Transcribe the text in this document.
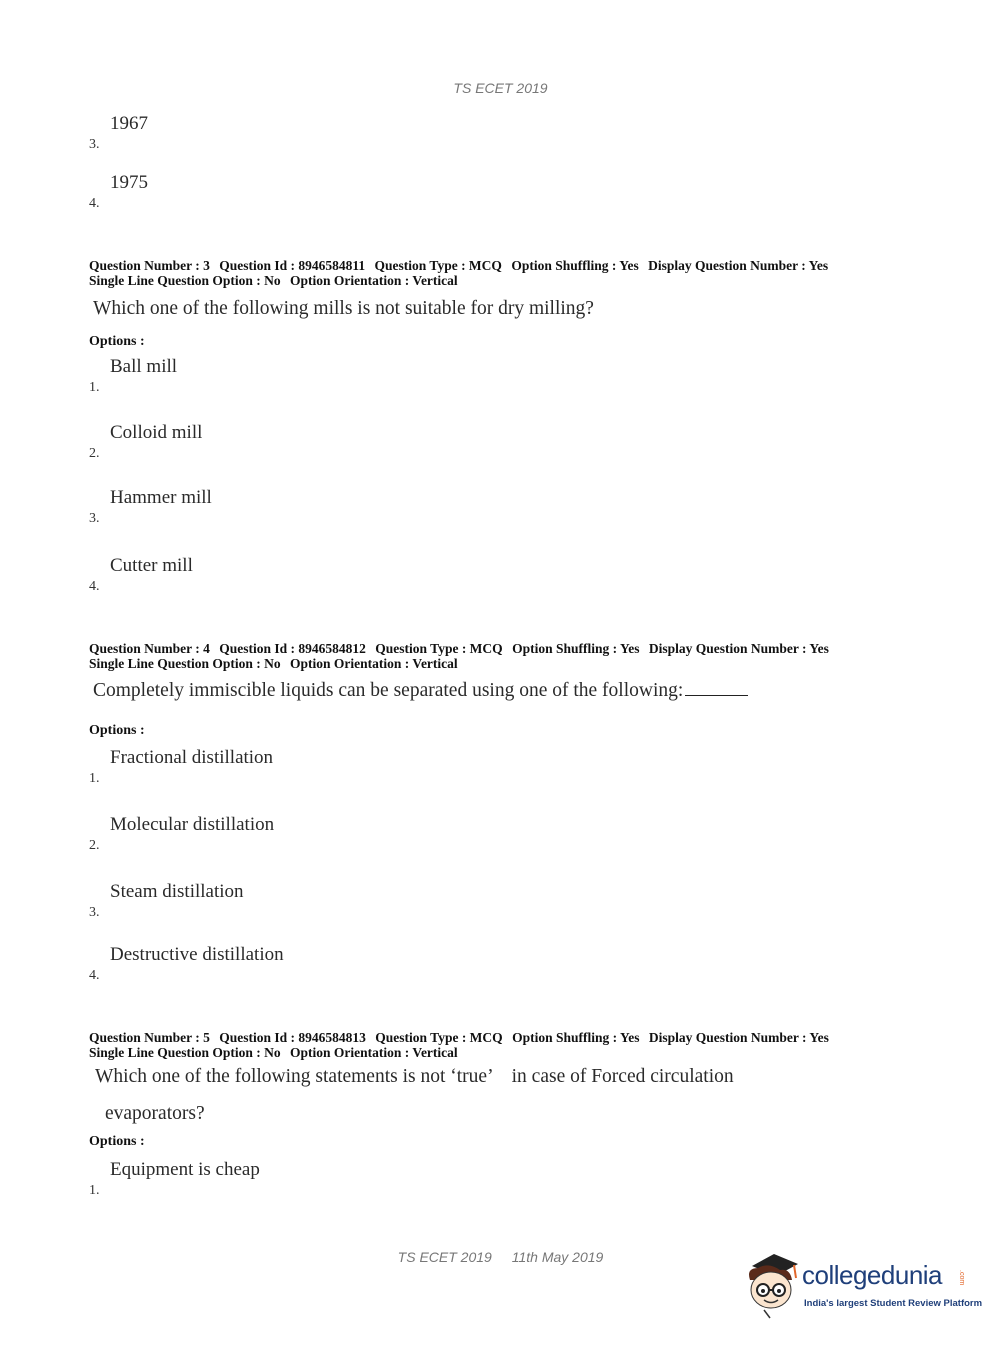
TS ECET 2019
3.
1967
4.
1975
Question Number : 3 Question Id : 8946584811 Question Type : MCQ Option Shuffling : Yes Display Question Number : Yes
Single Line Question Option : No Option Orientation : Vertical
Which one of the following mills is not suitable for dry milling?
Options :
1.
Ball mill
2.
Colloid mill
3.
Hammer mill
4.
Cutter mill
Question Number : 4 Question Id : 8946584812 Question Type : MCQ Option Shuffling : Yes Display Question Number : Yes
Single Line Question Option : No Option Orientation : Vertical
Completely immiscible liquids can be separated using one of the following:
Options :
1.
Fractional distillation
2.
Molecular distillation
3.
Steam distillation
4.
Destructive distillation
Question Number : 5 Question Id : 8946584813 Question Type : MCQ Option Shuffling : Yes Display Question Number : Yes
Single Line Question Option : No Option Orientation : Vertical
Which one of the following statements is not ‘true’    in case of Forced circulation
evaporators?
Options :
1.
Equipment is cheap
TS ECET 2019 11th May 2019
collegedunia .com
India's largest Student Review Platform
